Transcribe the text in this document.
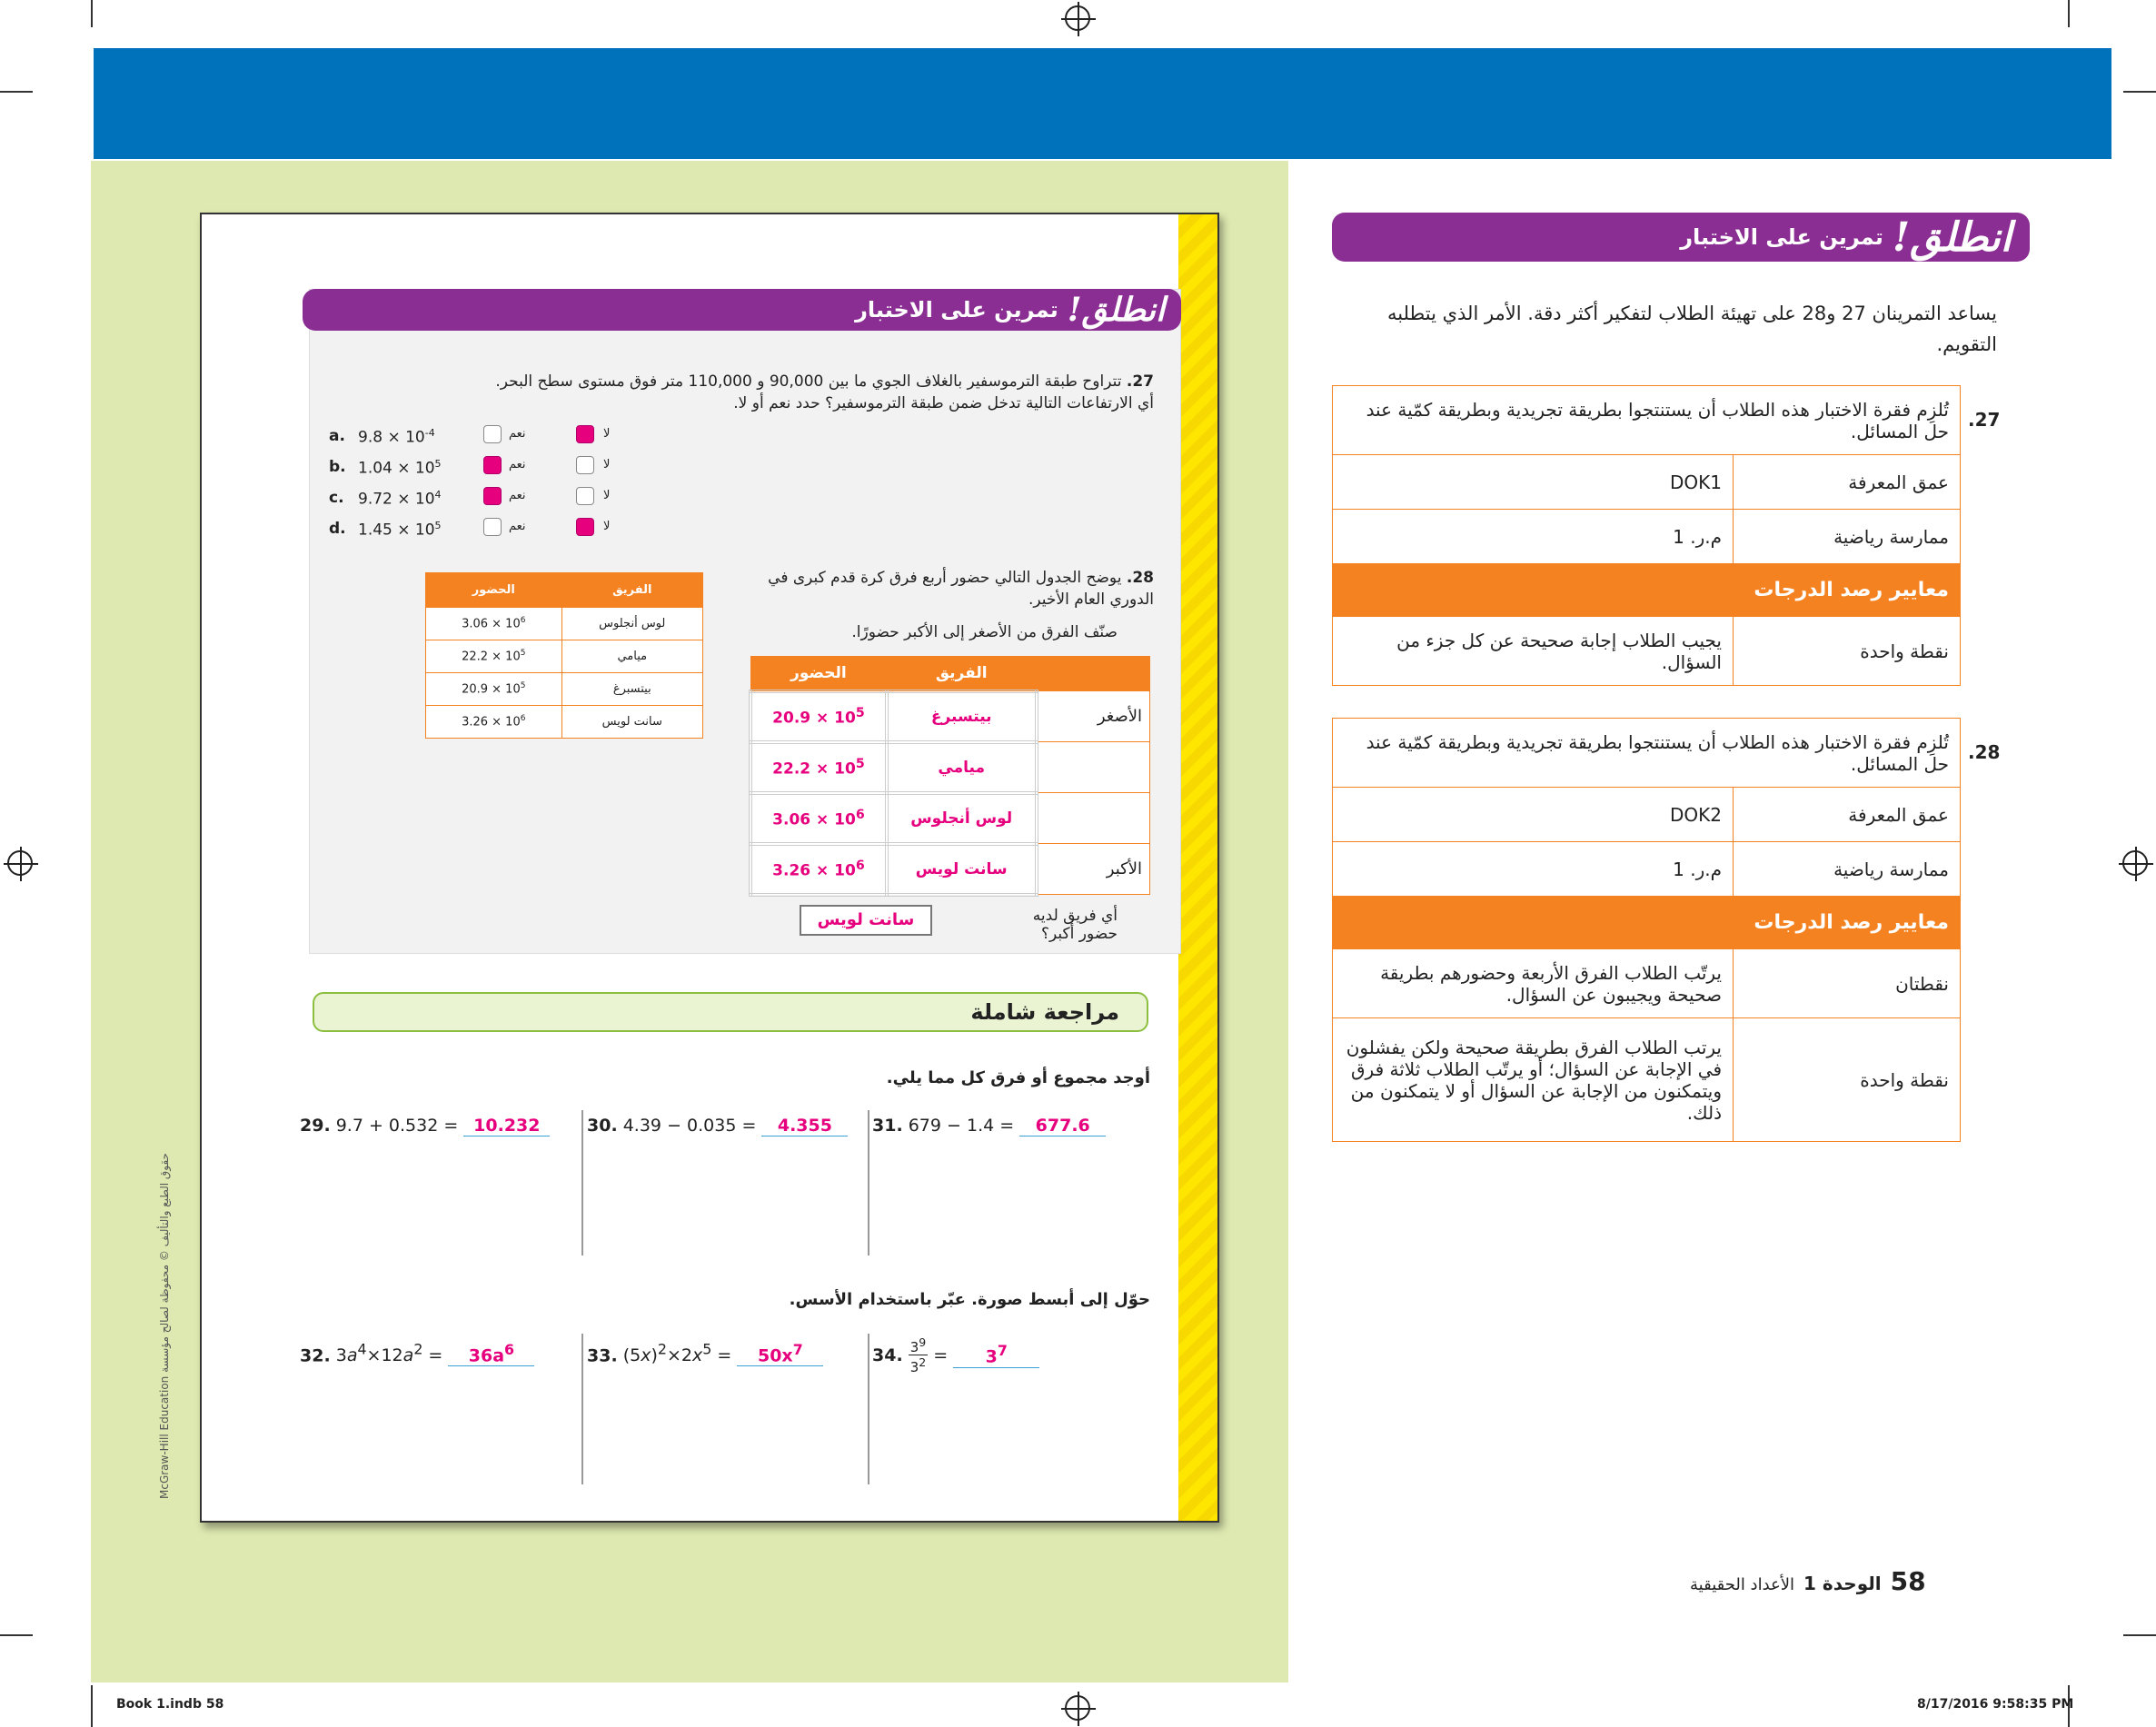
McGraw-Hill Education حقوق الطبع والتأليف © محفوظة لصالح مؤسسة
انطلق!
تمرين على الاختبار
27. تتراوح طبقة الترموسفير بالغلاف الجوي ما بين 90,000 و 110,000 متر فوق مستوى سطح البحر. أي الارتفاعات التالية تدخل ضمن طبقة الترموسفير؟ حدد نعم أو لا.
a. $9.8 \times 10^{-4}$	نعم	لا
b. $1.04 \times 10^5$	نعم	لا
c. $9.72 \times 10^4$	نعم	لا
d. $1.45 \times 10^5$	نعم	لا
28. يوضح الجدول التالي حضور أربع فرق كرة قدم كبرى في الدوري العام الأخير.
صنّف الفرق من الأصغر إلى الأكبر حضورًا.
الفريق	الحضور
لوس أنجلوس	$3.06 \times 10^6$
ميامي	$22.2 \times 10^5$
بيتسبرغ	$20.9 \times 10^5$
سانت لويس	$3.26 \times 10^6$
	الفريق	الحضور
الأصغر	بيتسبرغ	$20.9 \times 10^5$
	ميامي	$22.2 \times 10^5$
	لوس أنجلوس	$3.06 \times 10^6$
الأكبر	سانت لويس	$3.26 \times 10^6$
أي فريق لديه حضور أكبر؟
سانت لويس
مراجعة شاملة
أوجد مجموع أو فرق كل مما يلي.
29. 9.7 + 0.532 = 10.232	30. 4.39 − 0.035 = 4.355	31. 679 − 1.4 = 677.6
حوّل إلى أبسط صورة. عبّر باستخدام الأسس.
32. $3a^4\times 12a^2 = 36a^6$	33. $(5x)^2\times 2x^5 = 50x^7$	34.
$3^9$
$3^2$ =	$3^7$
انطلق!
تمرين على الاختبار
يساعد التمرينان 27 و28 على تهيئة الطلاب لتفكير أكثر دقة. الأمر الذي يتطلبه التقويم.
.27
تُلزِم فقرة الاختبار هذه الطلاب أن يستنتجوا بطريقة تجريدية وبطريقة كمّية عند حل المسائل.	
عمق المعرفة	DOK1
ممارسة رياضية	م.ر. 1
معايير رصد الدرجات	
نقطة واحدة	يجيب الطلاب إجابة صحيحة عن كل جزء من السؤال.
.28
تُلزِم فقرة الاختبار هذه الطلاب أن يستنتجوا بطريقة تجريدية وبطريقة كمّية عند حل المسائل.	
عمق المعرفة	DOK2
ممارسة رياضية	م.ر. 1
معايير رصد الدرجات	
نقطتان	يرتّب الطلاب الفرق الأربعة وحضورهم بطريقة صحيحة ويجيبون عن السؤال.
نقطة واحدة	يرتب الطلاب الفرق بطريقة صحيحة ولكن يفشلون في الإجابة عن السؤال؛ أو يرتّب الطلاب ثلاثة فرق ويتمكنون من الإجابة عن السؤال أو لا يتمكنون من ذلك.
58
الوحدة 1
الأعداد الحقيقية
Book 1.indb 58	8/17/2016 9:58:35 PM
